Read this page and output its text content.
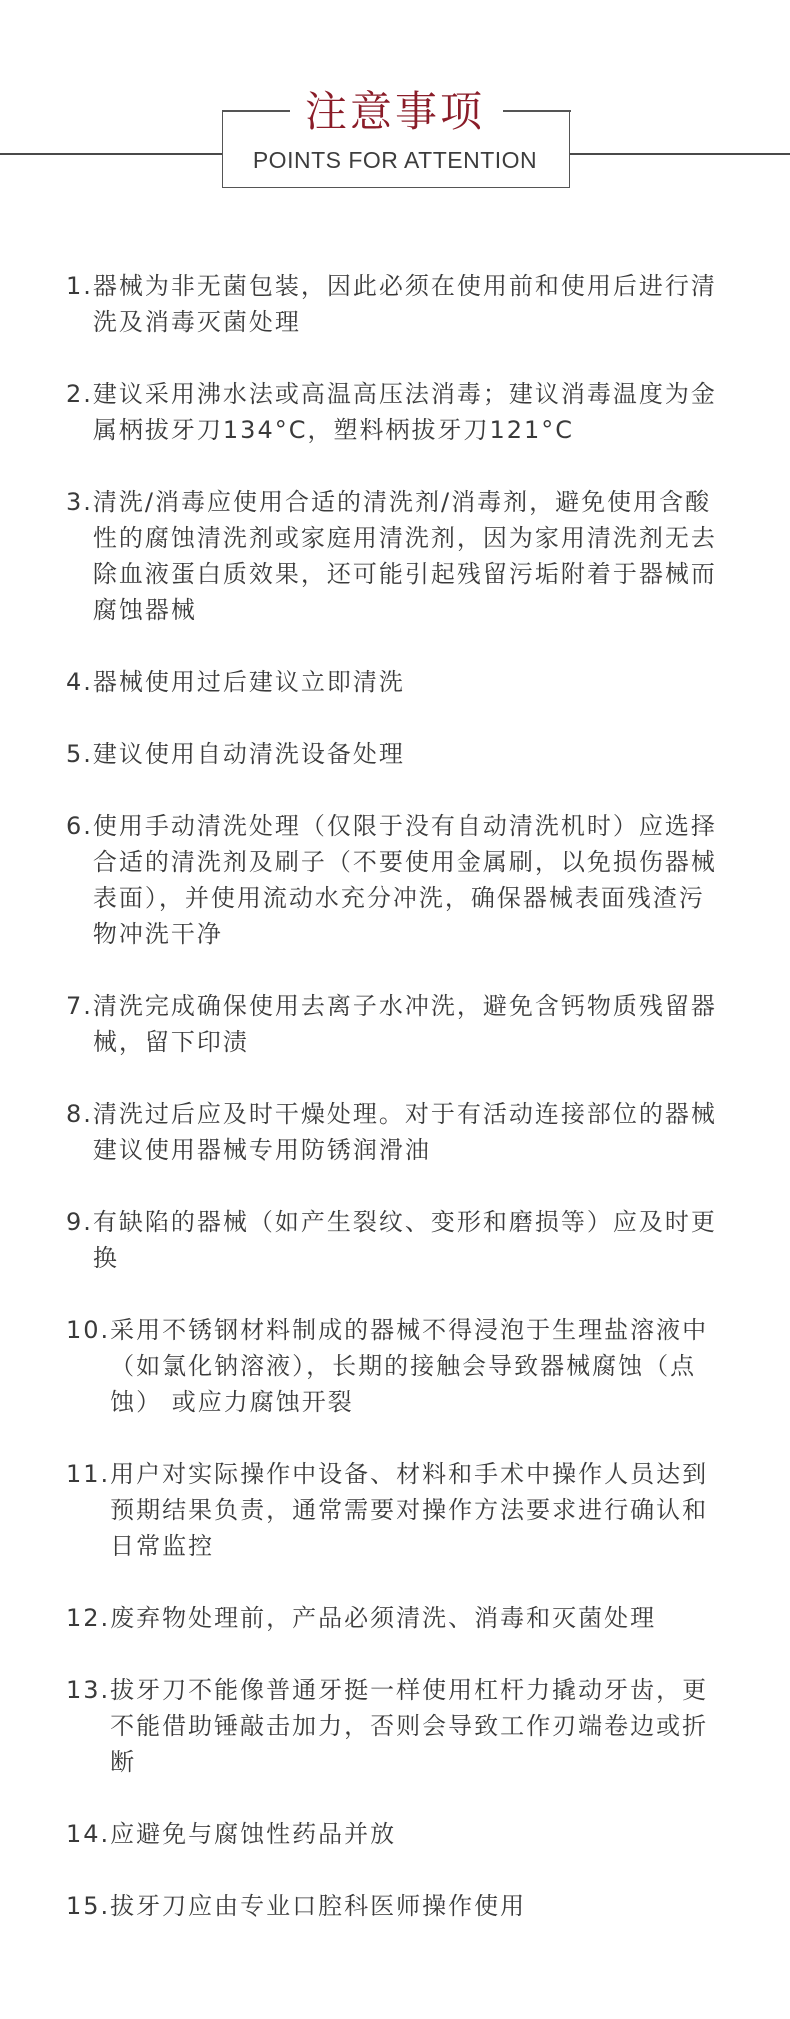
注意事项
POINTS FOR ATTENTION
1. 器械为非无菌包装，因此必须在使用前和使用后进行清洗及消毒灭菌处理
2. 建议采用沸水法或高温高压法消毒；建议消毒温度为金属柄拔牙刀134°C，塑料柄拔牙刀121°C
3. 清洗/消毒应使用合适的清洗剂/消毒剂，避免使用含酸性的腐蚀清洗剂或家庭用清洗剂，因为家用清洗剂无去除血液蛋白质效果，还可能引起残留污垢附着于器械而腐蚀器械
4. 器械使用过后建议立即清洗
5. 建议使用自动清洗设备处理
6. 使用手动清洗处理（仅限于没有自动清洗机时）应选择合适的清洗剂及刷子（不要使用金属刷，以免损伤器械表面），并使用流动水充分冲洗，确保器械表面残渣污物冲洗干净
7. 清洗完成确保使用去离子水冲洗，避免含钙物质残留器械，留下印渍
8. 清洗过后应及时干燥处理。对于有活动连接部位的器械建议使用器械专用防锈润滑油
9. 有缺陷的器械（如产生裂纹、变形和磨损等）应及时更换
10. 采用不锈钢材料制成的器械不得浸泡于生理盐溶液中（如氯化钠溶液），长期的接触会导致器械腐蚀（点蚀） 或应力腐蚀开裂
11. 用户对实际操作中设备、材料和手术中操作人员达到预期结果负责，通常需要对操作方法要求进行确认和日常监控
12. 废弃物处理前，产品必须清洗、消毒和灭菌处理
13. 拔牙刀不能像普通牙挺一样使用杠杆力撬动牙齿，更不能借助锤敲击加力，否则会导致工作刃端卷边或折断
14. 应避免与腐蚀性药品并放
15. 拔牙刀应由专业口腔科医师操作使用
